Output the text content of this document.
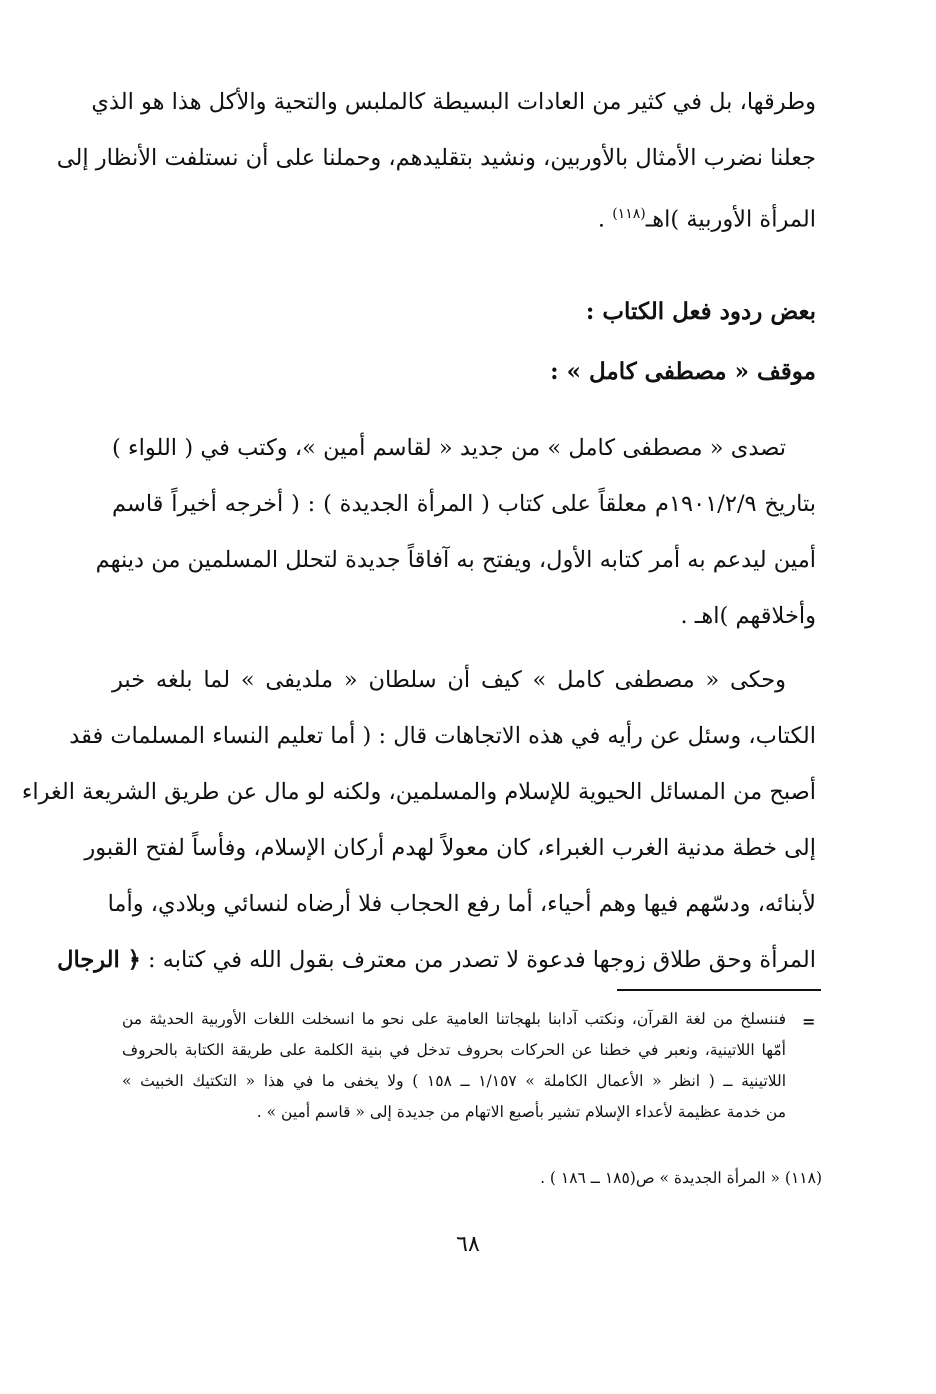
وطرقها، بل في كثير من العادات البسيطة كالملبس والتحية والأكل هذا هو الذي
جعلنا نضرب الأمثال بالأوربين، ونشيد بتقليدهم، وحملنا على أن نستلفت الأنظار إلى
المرأة الأوربية )اهـ$^{(١١٨)}$ .
بعض ردود فعل الكتاب :
موقف « مصطفى كامل » :
تصدى « مصطفى كامل » من جديد « لقاسم أمين »، وكتب في ( اللواء )
بتاريخ ١٩٠١/٢/٩م معلقاً على كتاب ( المرأة الجديدة ) : ( أخرجه أخيراً قاسم
أمين ليدعم به أمر كتابه الأول، ويفتح به آفاقاً جديدة لتحلل المسلمين من دينهم
وأخلاقهم )اهـ .
وحكى « مصطفى كامل » كيف أن سلطان « ملديفى » لما بلغه خبر
الكتاب، وسئل عن رأيه في هذه الاتجاهات قال : ( أما تعليم النساء المسلمات فقد
أصبح من المسائل الحيوية للإسلام والمسلمين، ولكنه لو مال عن طريق الشريعة الغراء
إلى خطة مدنية الغرب الغبراء، كان معولاً لهدم أركان الإسلام، وفأساً لفتح القبور
لأبنائه، ودسّهم فيها وهم أحياء، أما رفع الحجاب فلا أرضاه لنسائي وبلادي، وأما
المرأة وحق طلاق زوجها فدعوة لا تصدر من معترف بقول الله في كتابه : ﴿ الرجال
=
فننسلخ من لغة القرآن، ونكتب آدابنا بلهجاتنا العامية على نحو ما انسخلت اللغات الأوربية الحديثة من
أمّها اللاتينية، ونعبر في خطنا عن الحركات بحروف تدخل في بنية الكلمة على طريقة الكتابة بالحروف
اللاتينية ــ ( انظر « الأعمال الكاملة » ١/١٥٧ ــ ١٥٨ ) ولا يخفى ما في هذا « التكتيك الخبيث »
من خدمة عظيمة لأعداء الإسلام تشير بأصبع الاتهام من جديدة إلى « قاسم أمين » .
(١١٨) « المرأة الجديدة » ص(١٨٥ ــ ١٨٦ ) .
٦٨
